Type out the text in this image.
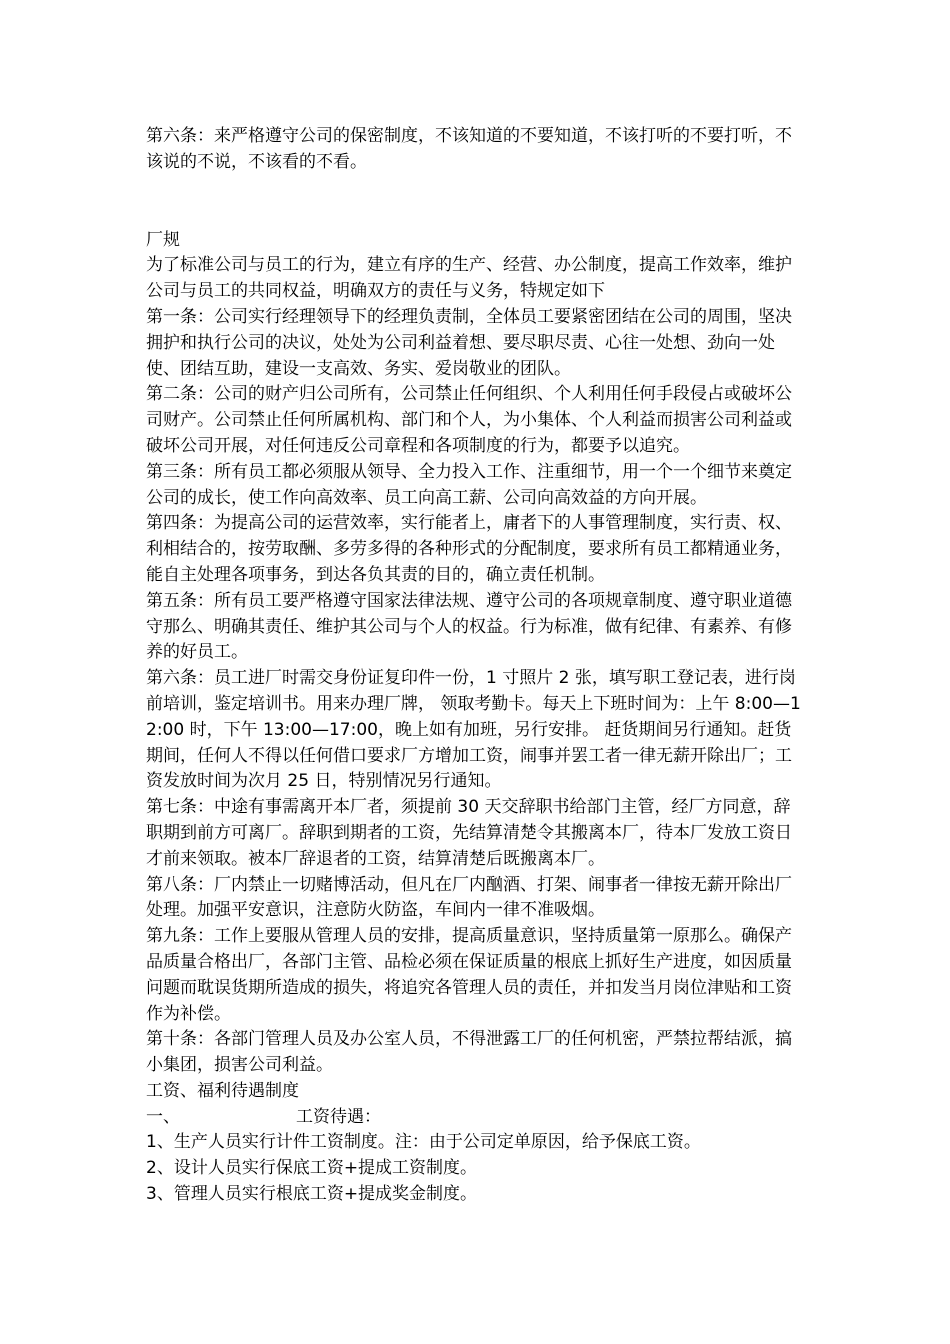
第六条：来严格遵守公司的保密制度，不该知道的不要知道，不该打听的不要打听，不该说的不说，不该看的不看。

厂规

为了标准公司与员工的行为，建立有序的生产、经营、办公制度，提高工作效率，维护公司与员工的共同权益，明确双方的责任与义务，特规定如下

第一条：公司实行经理领导下的经理负责制，全体员工要紧密团结在公司的周围，坚决拥护和执行公司的决议，处处为公司利益着想、要尽职尽责、心往一处想、劲向一处使、团结互助，建设一支高效、务实、爱岗敬业的团队。

第二条：公司的财产归公司所有，公司禁止任何组织、个人利用任何手段侵占或破坏公司财产。公司禁止任何所属机构、部门和个人，为小集体、个人利益而损害公司利益或破坏公司开展，对任何违反公司章程和各项制度的行为，都要予以追究。

第三条：所有员工都必须服从领导、全力投入工作、注重细节，用一个一个细节来奠定公司的成长，使工作向高效率、员工向高工薪、公司向高效益的方向开展。

第四条：为提高公司的运营效率，实行能者上，庸者下的人事管理制度，实行责、权、利相结合的，按劳取酬、多劳多得的各种形式的分配制度，要求所有员工都精通业务，能自主处理各项事务，到达各负其责的目的，确立责任机制。

第五条：所有员工要严格遵守国家法律法规、遵守公司的各项规章制度、遵守职业道德守那么、明确其责任、维护其公司与个人的权益。行为标准，做有纪律、有素养、有修养的好员工。

第六条：员工进厂时需交身份证复印件一份，1 寸照片 2 张，填写职工登记表，进行岗前培训，鉴定培训书。用来办理厂牌， 领取考勤卡。每天上下班时间为：上午 8:00—12:00 时，下午 13:00—17:00，晚上如有加班，另行安排。 赶货期间另行通知。赶货期间，任何人不得以任何借口要求厂方增加工资，闹事并罢工者一律无薪开除出厂；工资发放时间为次月 25 日，特别情况另行通知。

第七条：中途有事需离开本厂者，须提前 30 天交辞职书给部门主管，经厂方同意，辞职期到前方可离厂。辞职到期者的工资，先结算清楚令其搬离本厂，待本厂发放工资日才前来领取。被本厂辞退者的工资，结算清楚后既搬离本厂。

第八条：厂内禁止一切赌博活动，但凡在厂内酗酒、打架、闹事者一律按无薪开除出厂处理。加强平安意识，注意防火防盗，车间内一律不准吸烟。

第九条：工作上要服从管理人员的安排，提高质量意识，坚持质量第一原那么。确保产品质量合格出厂，各部门主管、品检必须在保证质量的根底上抓好生产进度，如因质量问题而耽误货期所造成的损失，将追究各管理人员的责任，并扣发当月岗位津贴和工资作为补偿。

第十条：各部门管理人员及办公室人员，不得泄露工厂的任何机密，严禁拉帮结派，搞小集团，损害公司利益。

工资、福利待遇制度

一、	工资待遇：

1、生产人员实行计件工资制度。注：由于公司定单原因，给予保底工资。

2、设计人员实行保底工资+提成工资制度。

3、管理人员实行根底工资+提成奖金制度。
